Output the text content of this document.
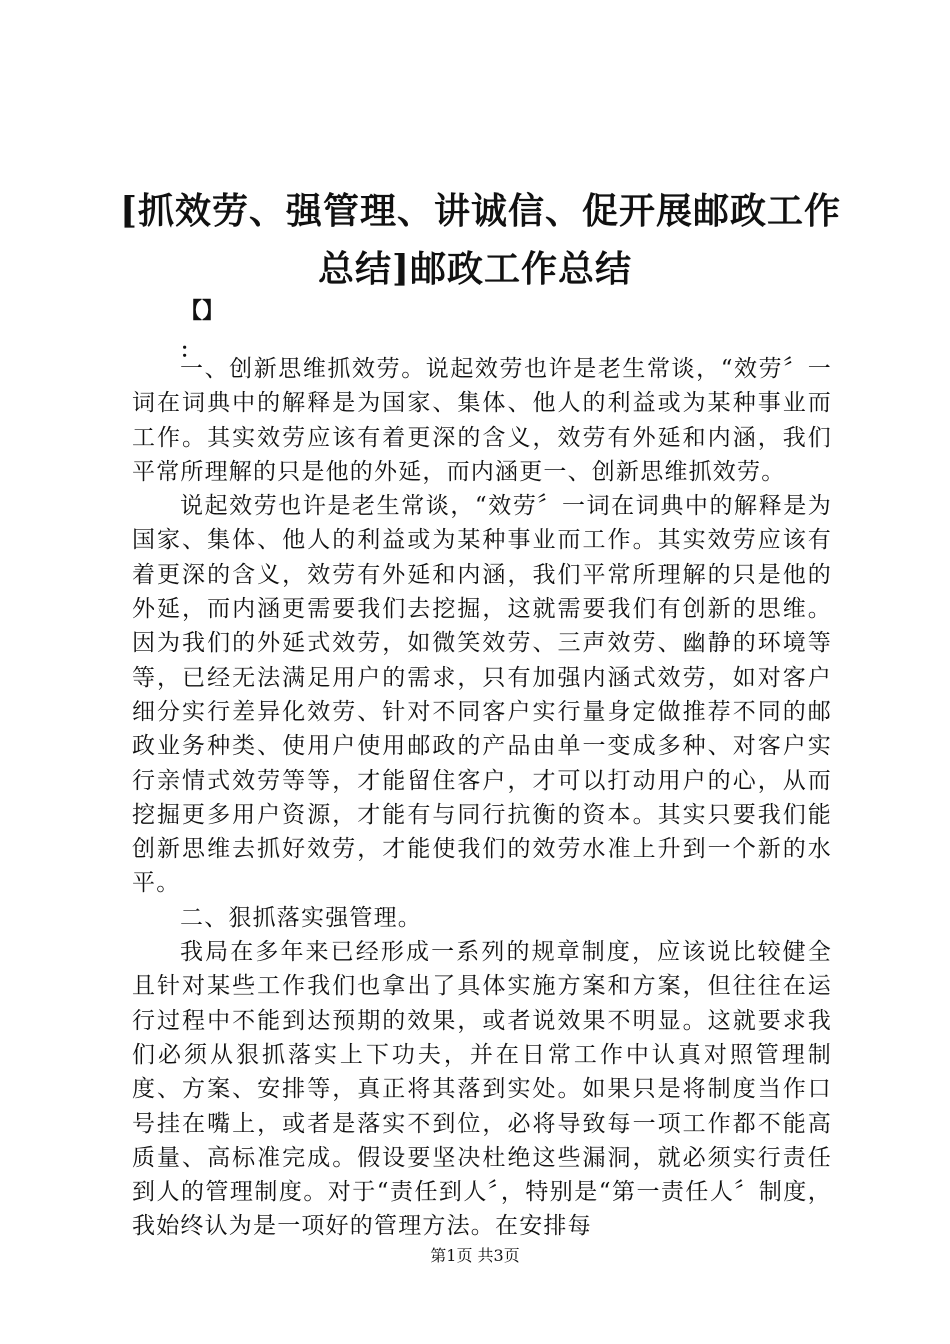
[抓效劳、强管理、讲诚信、促开展邮政工作
总结]邮政工作总结

【】

：

一、创新思维抓效劳。说起效劳也许是老生常谈，“效劳〞一词在词典中的解释是为国家、集体、他人的利益或为某种事业而工作。其实效劳应该有着更深的含义，效劳有外延和内涵，我们平常所理解的只是他的外延，而内涵更一、创新思维抓效劳。

说起效劳也许是老生常谈，“效劳〞一词在词典中的解释是为国家、集体、他人的利益或为某种事业而工作。其实效劳应该有着更深的含义，效劳有外延和内涵，我们平常所理解的只是他的外延，而内涵更需要我们去挖掘，这就需要我们有创新的思维。因为我们的外延式效劳，如微笑效劳、三声效劳、幽静的环境等等，已经无法满足用户的需求，只有加强内涵式效劳，如对客户细分实行差异化效劳、针对不同客户实行量身定做推荐不同的邮政业务种类、使用户使用邮政的产品由单一变成多种、对客户实行亲情式效劳等等，才能留住客户，才可以打动用户的心，从而挖掘更多用户资源，才能有与同行抗衡的资本。其实只要我们能创新思维去抓好效劳，才能使我们的效劳水准上升到一个新的水平。

二、狠抓落实强管理。

我局在多年来已经形成一系列的规章制度，应该说比较健全且针对某些工作我们也拿出了具体实施方案和方案，但往往在运行过程中不能到达预期的效果，或者说效果不明显。这就要求我们必须从狠抓落实上下功夫，并在日常工作中认真对照管理制度、方案、安排等，真正将其落到实处。如果只是将制度当作口号挂在嘴上，或者是落实不到位，必将导致每一项工作都不能高质量、高标准完成。假设要坚决杜绝这些漏洞，就必须实行责任到人的管理制度。对于“责任到人〞，特别是“第一责任人〞制度，我始终认为是一项好的管理方法。在安排每

第1页 共3页
